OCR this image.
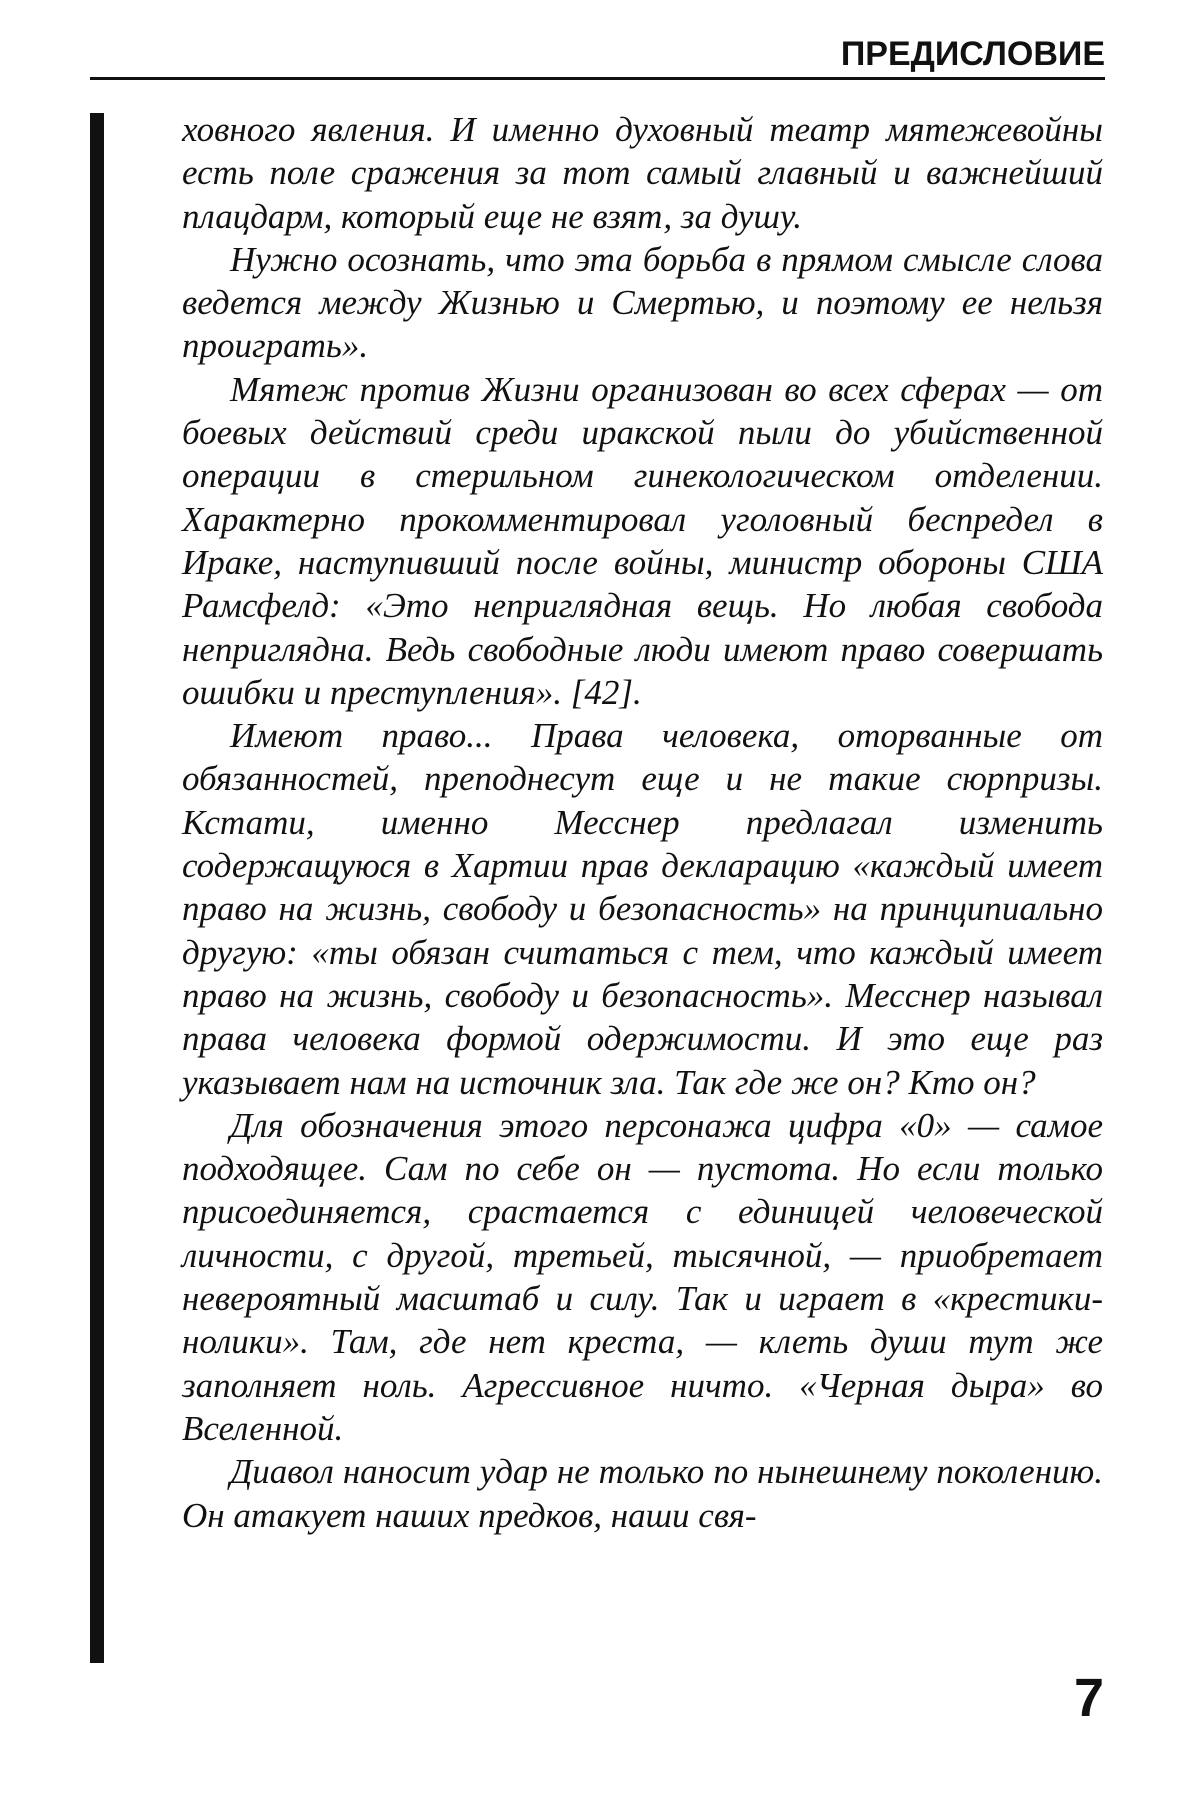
ПРЕДИСЛОВИЕ

ховного явления. И именно духовный театр мятежевойны есть поле сражения за тот самый главный и важнейший плацдарм, который еще не взят, за душу.

Нужно осознать, что эта борьба в прямом смысле слова ведется между Жизнью и Смертью, и поэтому ее нельзя проиграть».

Мятеж против Жизни организован во всех сферах — от боевых действий среди иракской пыли до убийственной операции в стерильном гинекологическом отделении. Характерно прокомментировал уголовный беспредел в Ираке, наступивший после войны, министр обороны США Рамсфелд: «Это неприглядная вещь. Но любая свобода неприглядна. Ведь свободные люди имеют право совершать ошибки и преступления». [42].

Имеют право... Права человека, оторванные от обязанностей, преподнесут еще и не такие сюрпризы. Кстати, именно Месснер предлагал изменить содержащуюся в Хартии прав декларацию «каждый имеет право на жизнь, свободу и безопасность» на принципиально другую: «ты обязан считаться с тем, что каждый имеет право на жизнь, свободу и безопасность». Месснер называл права человека формой одержимости. И это еще раз указывает нам на источник зла. Так где же он? Кто он?

Для обозначения этого персонажа цифра «0» — самое подходящее. Сам по себе он — пустота. Но если только присоединяется, срастается с единицей человеческой личности, с другой, третьей, тысячной, — приобретает невероятный масштаб и силу. Так и играет в «крестики-нолики». Там, где нет креста, — клеть души тут же заполняет ноль. Агрессивное ничто. «Черная дыра» во Вселенной.

Диавол наносит удар не только по нынешнему поколению. Он атакует наших предков, наши свя-

7
